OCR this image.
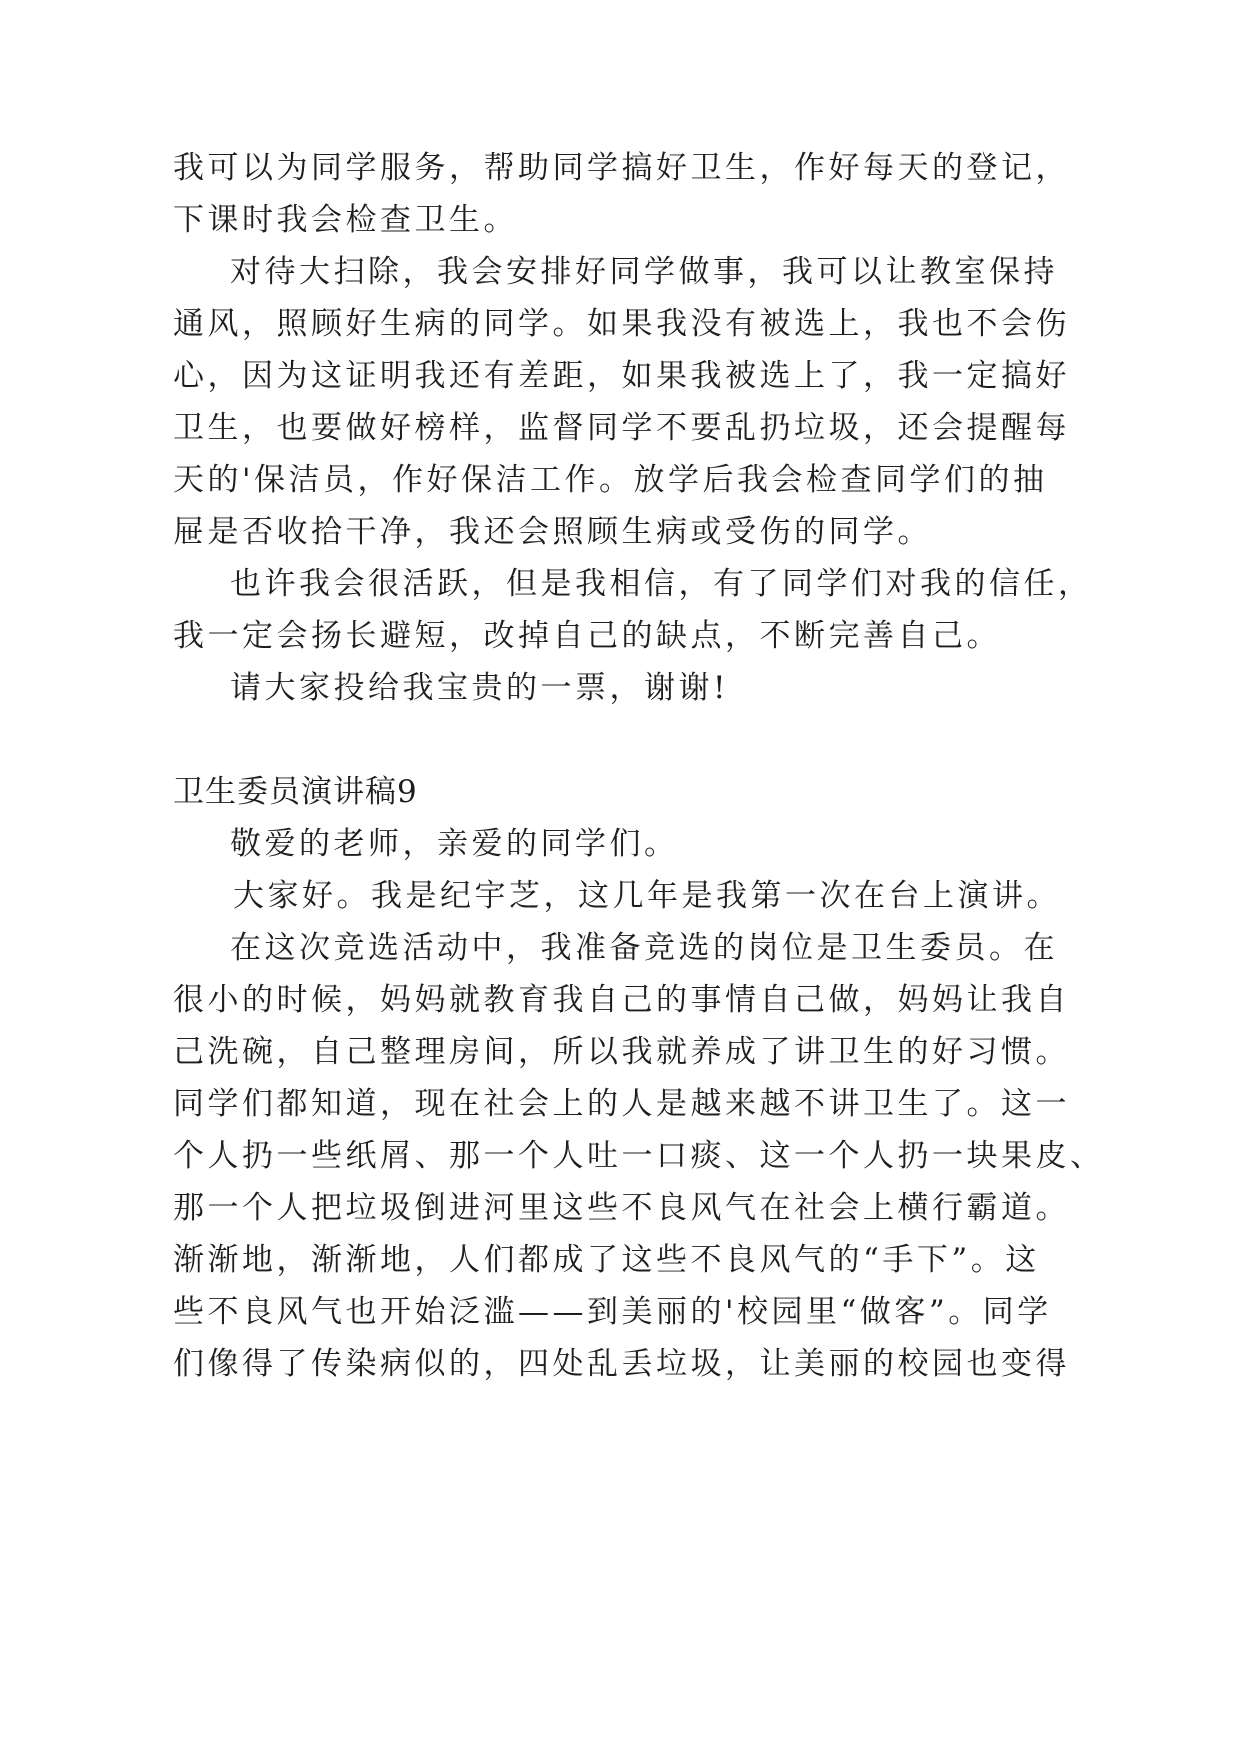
我可以为同学服务，帮助同学搞好卫生，作好每天的登记，
下课时我会检查卫生。
对待大扫除，我会安排好同学做事，我可以让教室保持
通风，照顾好生病的同学。如果我没有被选上，我也不会伤
心，因为这证明我还有差距，如果我被选上了，我一定搞好
卫生，也要做好榜样，监督同学不要乱扔垃圾，还会提醒每
天的'保洁员，作好保洁工作。放学后我会检查同学们的抽
屉是否收拾干净，我还会照顾生病或受伤的同学。
也许我会很活跃，但是我相信，有了同学们对我的信任，
我一定会扬长避短，改掉自己的缺点，不断完善自己。
请大家投给我宝贵的一票，谢谢!
卫生委员演讲稿9
敬爱的老师，亲爱的同学们。
大家好。我是纪宇芝，这几年是我第一次在台上演讲。
在这次竞选活动中，我准备竞选的岗位是卫生委员。在
很小的时候，妈妈就教育我自己的事情自己做，妈妈让我自
己洗碗，自己整理房间，所以我就养成了讲卫生的好习惯。
同学们都知道，现在社会上的人是越来越不讲卫生了。这一
个人扔一些纸屑、那一个人吐一口痰、这一个人扔一块果皮、
那一个人把垃圾倒进河里这些不良风气在社会上横行霸道。
渐渐地，渐渐地，人们都成了这些不良风气的“手下”。这
些不良风气也开始泛滥——到美丽的'校园里“做客”。同学
们像得了传染病似的，四处乱丢垃圾，让美丽的校园也变得
